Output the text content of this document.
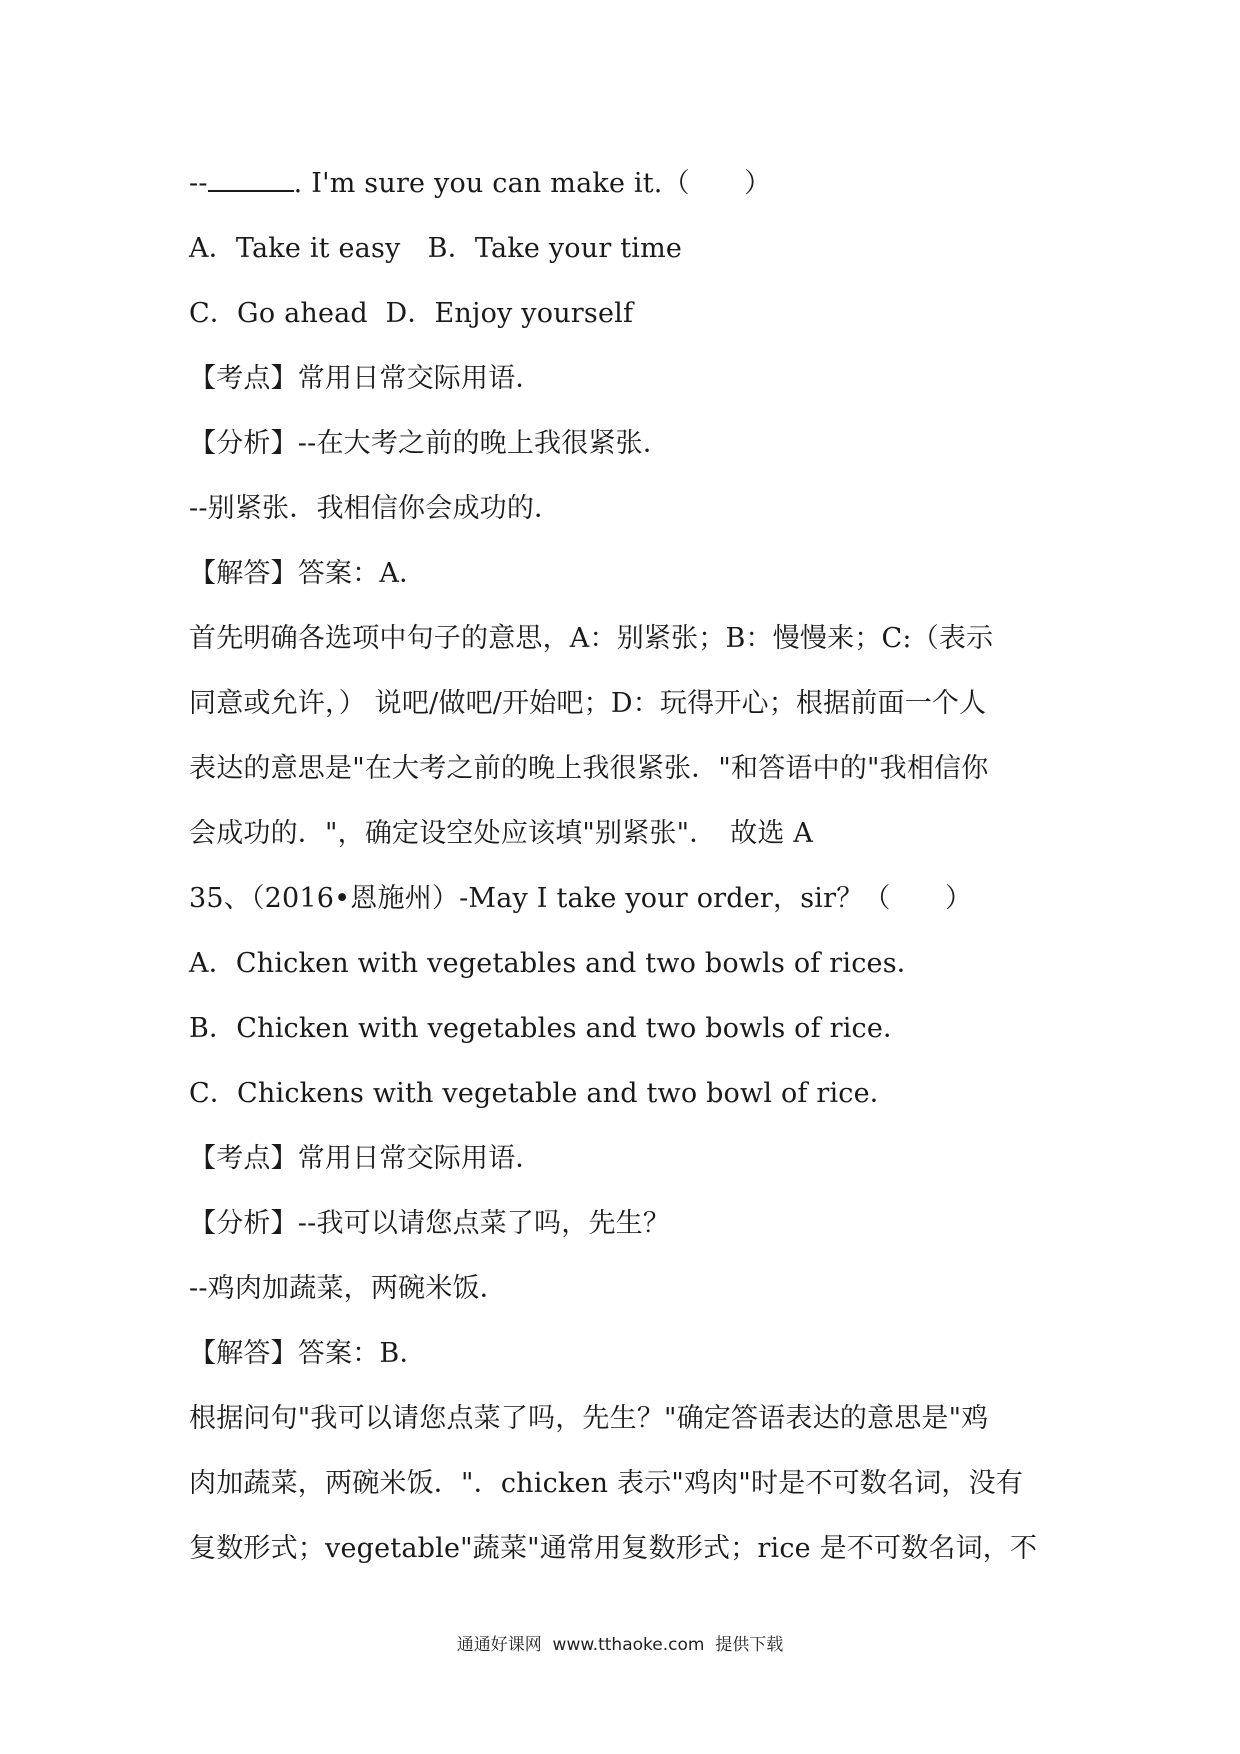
--	. I'm sure you can make it.（　　）
A．Take it easy　B．Take your time
C．Go ahead  D．Enjoy yourself
【考点】常用日常交际用语．
【分析】--在大考之前的晚上我很紧张．
--别紧张．我相信你会成功的．
【解答】答案：A．
首先明确各选项中句子的意思，A：别紧张；B：慢慢来；C:（表示
同意或允许，） 说吧/做吧/开始吧；D：玩得开心；根据前面一个人
表达的意思是"在大考之前的晚上我很紧张．"和答语中的"我相信你
会成功的．"，确定设空处应该填"别紧张"．　故选 A
35、（2016•恩施州）-May I take your order，sir？（　　）
A．Chicken with vegetables and two bowls of rices．
B．Chicken with vegetables and two bowls of rice．
C．Chickens with vegetable and two bowl of rice．
【考点】常用日常交际用语．
【分析】--我可以请您点菜了吗，先生？
--鸡肉加蔬菜，两碗米饭．
【解答】答案：B．
根据问句"我可以请您点菜了吗，先生？"确定答语表达的意思是"鸡
肉加蔬菜，两碗米饭．"．chicken 表示"鸡肉"时是不可数名词，没有
复数形式；vegetable"蔬菜"通常用复数形式；rice 是不可数名词，不
通通好课网  www.tthaoke.com  提供下载
